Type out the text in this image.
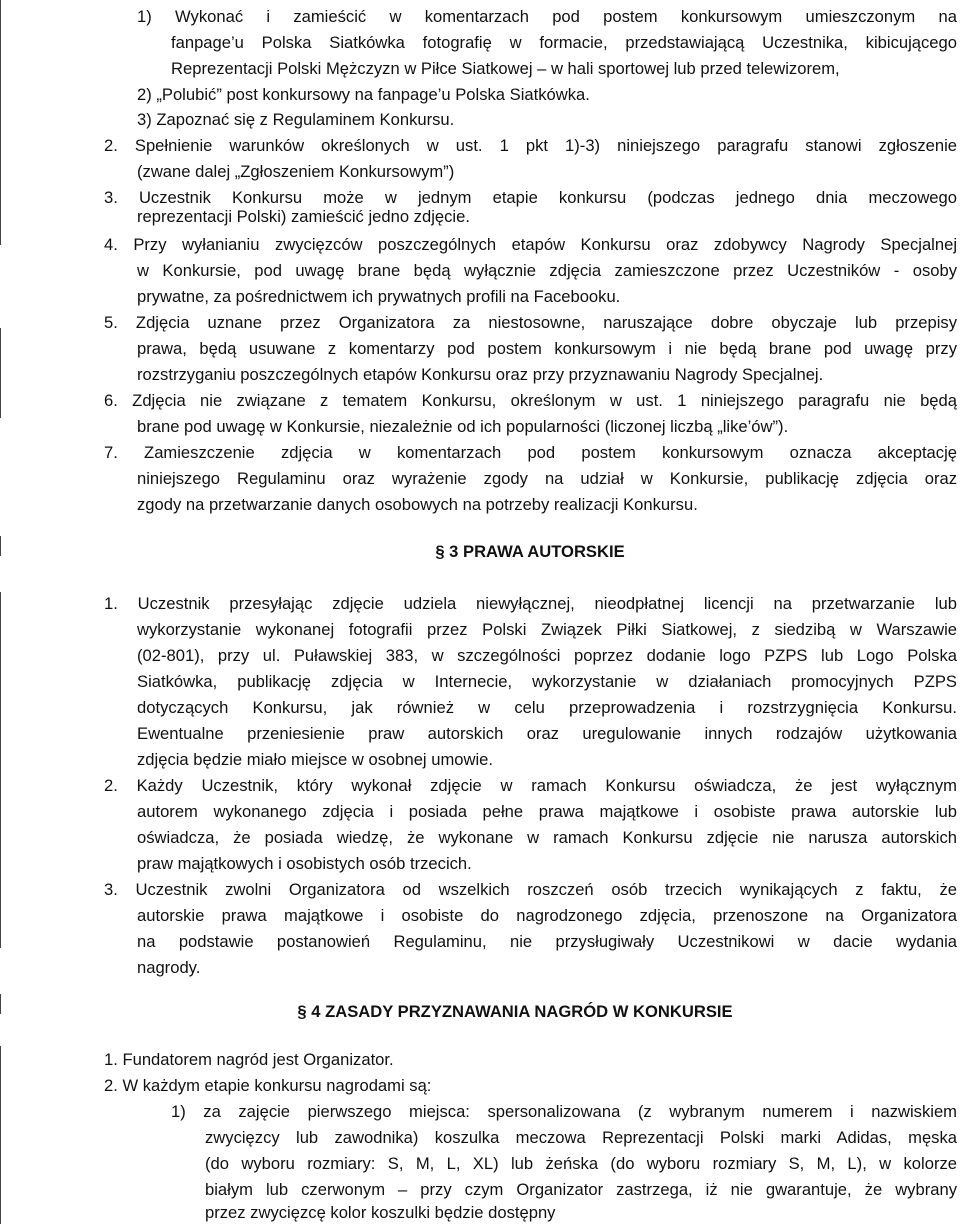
1) Wykonać i zamieścić w komentarzach pod postem konkursowym umieszczonym na
fanpage’u Polska Siatkówka fotografię w formacie, przedstawiającą Uczestnika, kibicującego
Reprezentacji Polski Mężczyzn w Piłce Siatkowej – w hali sportowej lub przed telewizorem,
2) „Polubić” post konkursowy na fanpage’u Polska Siatkówka.
3) Zapoznać się z Regulaminem Konkursu.
2. Spełnienie warunków określonych w ust. 1 pkt 1)-3) niniejszego paragrafu stanowi zgłoszenie
(zwane dalej „Zgłoszeniem Konkursowym”)
3. Uczestnik Konkursu może w jednym etapie konkursu (podczas jednego dnia meczowego
reprezentacji Polski) zamieścić jedno zdjęcie.
4. Przy wyłanianiu zwycięzców poszczególnych etapów Konkursu oraz zdobywcy Nagrody Specjalnej
w Konkursie, pod uwagę brane będą wyłącznie zdjęcia zamieszczone przez Uczestników - osoby
prywatne, za pośrednictwem ich prywatnych profili na Facebooku.
5. Zdjęcia uznane przez Organizatora za niestosowne, naruszające dobre obyczaje lub przepisy
prawa, będą usuwane z komentarzy pod postem konkursowym i nie będą brane pod uwagę przy
rozstrzyganiu poszczególnych etapów Konkursu oraz przy przyznawaniu Nagrody Specjalnej.
6. Zdjęcia nie związane z tematem Konkursu, określonym w ust. 1 niniejszego paragrafu nie będą
brane pod uwagę w Konkursie, niezależnie od ich popularności (liczonej liczbą „like’ów”).
7. Zamieszczenie zdjęcia w komentarzach pod postem konkursowym oznacza akceptację
niniejszego Regulaminu oraz wyrażenie zgody na udział w Konkursie, publikację zdjęcia oraz
zgody na przetwarzanie danych osobowych na potrzeby realizacji Konkursu.
§ 3 PRAWA AUTORSKIE
1. Uczestnik przesyłając zdjęcie udziela niewyłącznej, nieodpłatnej licencji na przetwarzanie lub
wykorzystanie wykonanej fotografii przez Polski Związek Piłki Siatkowej, z siedzibą w Warszawie
(02-801), przy ul. Puławskiej 383, w szczególności poprzez dodanie logo PZPS lub Logo Polska
Siatkówka, publikację zdjęcia w Internecie, wykorzystanie w działaniach promocyjnych PZPS
dotyczących Konkursu, jak również w celu przeprowadzenia i rozstrzygnięcia Konkursu.
Ewentualne przeniesienie praw autorskich oraz uregulowanie innych rodzajów użytkowania
zdjęcia będzie miało miejsce w osobnej umowie.
2. Każdy Uczestnik, który wykonał zdjęcie w ramach Konkursu oświadcza, że jest wyłącznym
autorem wykonanego zdjęcia i posiada pełne prawa majątkowe i osobiste prawa autorskie lub
oświadcza, że posiada wiedzę, że wykonane w ramach Konkursu zdjęcie nie narusza autorskich
praw majątkowych i osobistych osób trzecich.
3. Uczestnik zwolni Organizatora od wszelkich roszczeń osób trzecich wynikających z faktu, że
autorskie prawa majątkowe i osobiste do nagrodzonego zdjęcia, przenoszone na Organizatora
na podstawie postanowień Regulaminu, nie przysługiwały Uczestnikowi w dacie wydania
nagrody.
§ 4 ZASADY PRZYZNAWANIA NAGRÓD W KONKURSIE
1. Fundatorem nagród jest Organizator.
2. W każdym etapie konkursu nagrodami są:
1) za zajęcie pierwszego miejsca: spersonalizowana (z wybranym numerem i nazwiskiem
zwycięzcy lub zawodnika) koszulka meczowa Reprezentacji Polski marki Adidas, męska
(do wyboru rozmiary: S, M, L, XL) lub żeńska (do wyboru rozmiary S, M, L), w kolorze
białym lub czerwonym – przy czym Organizator zastrzega, iż nie gwarantuje, że wybrany
przez zwycięzcę kolor koszulki będzie dostępny
